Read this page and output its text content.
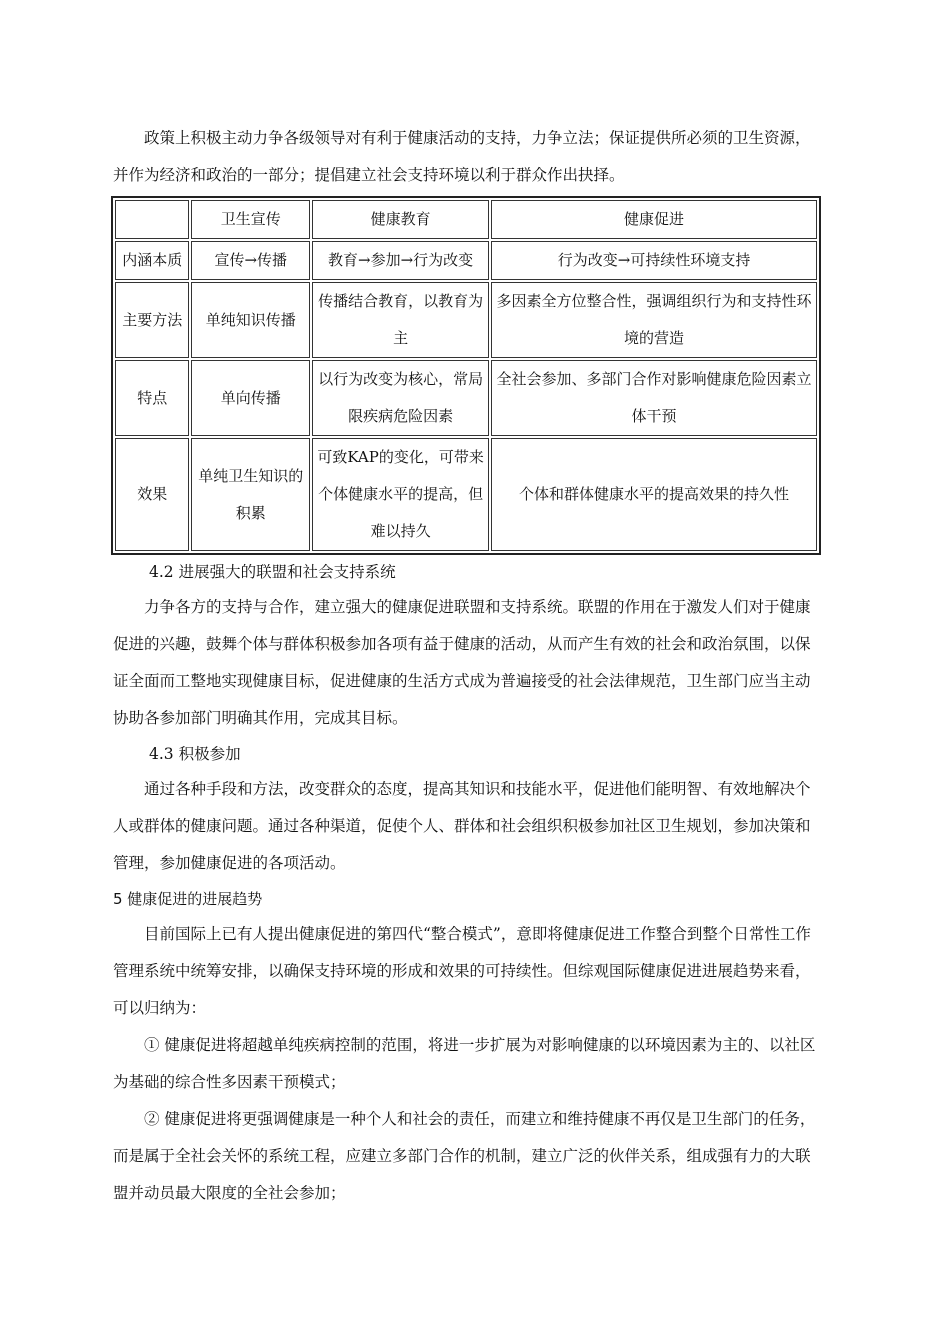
政策上积极主动力争各级领导对有利于健康活动的支持，力争立法；保证提供所必须的卫生资源，并作为经济和政治的一部分；提倡建立社会支持环境以利于群众作出抉择。

	卫生宣传	健康教育	健康促进
内涵本质	宣传→传播	教育→参加→行为改变	行为改变→可持续性环境支持
主要方法	单纯知识传播	传播结合教育，以教育为主	多因素全方位整合性，强调组织行为和支持性环境的营造
特点	单向传播	以行为改变为核心，常局限疾病危险因素	全社会参加、多部门合作对影响健康危险因素立体干预
效果	单纯卫生知识的积累	可致KAP的变化，可带来个体健康水平的提高，但难以持久	个体和群体健康水平的提高效果的持久性

4.2 进展强大的联盟和社会支持系统

力争各方的支持与合作，建立强大的健康促进联盟和支持系统。联盟的作用在于激发人们对于健康促进的兴趣，鼓舞个体与群体积极参加各项有益于健康的活动，从而产生有效的社会和政治氛围，以保证全面而工整地实现健康目标，促进健康的生活方式成为普遍接受的社会法律规范，卫生部门应当主动协助各参加部门明确其作用，完成其目标。

4.3 积极参加

通过各种手段和方法，改变群众的态度，提高其知识和技能水平，促进他们能明智、有效地解决个人或群体的健康问题。通过各种渠道，促使个人、群体和社会组织积极参加社区卫生规划，参加决策和管理，参加健康促进的各项活动。

5 健康促进的进展趋势

目前国际上已有人提出健康促进的第四代“整合模式”，意即将健康促进工作整合到整个日常性工作管理系统中统筹安排，以确保支持环境的形成和效果的可持续性。但综观国际健康促进进展趋势来看，可以归纳为：

① 健康促进将超越单纯疾病控制的范围，将进一步扩展为对影响健康的以环境因素为主的、以社区为基础的综合性多因素干预模式；

② 健康促进将更强调健康是一种个人和社会的责任，而建立和维持健康不再仅是卫生部门的任务，而是属于全社会关怀的系统工程，应建立多部门合作的机制，建立广泛的伙伴关系，组成强有力的大联盟并动员最大限度的全社会参加；
